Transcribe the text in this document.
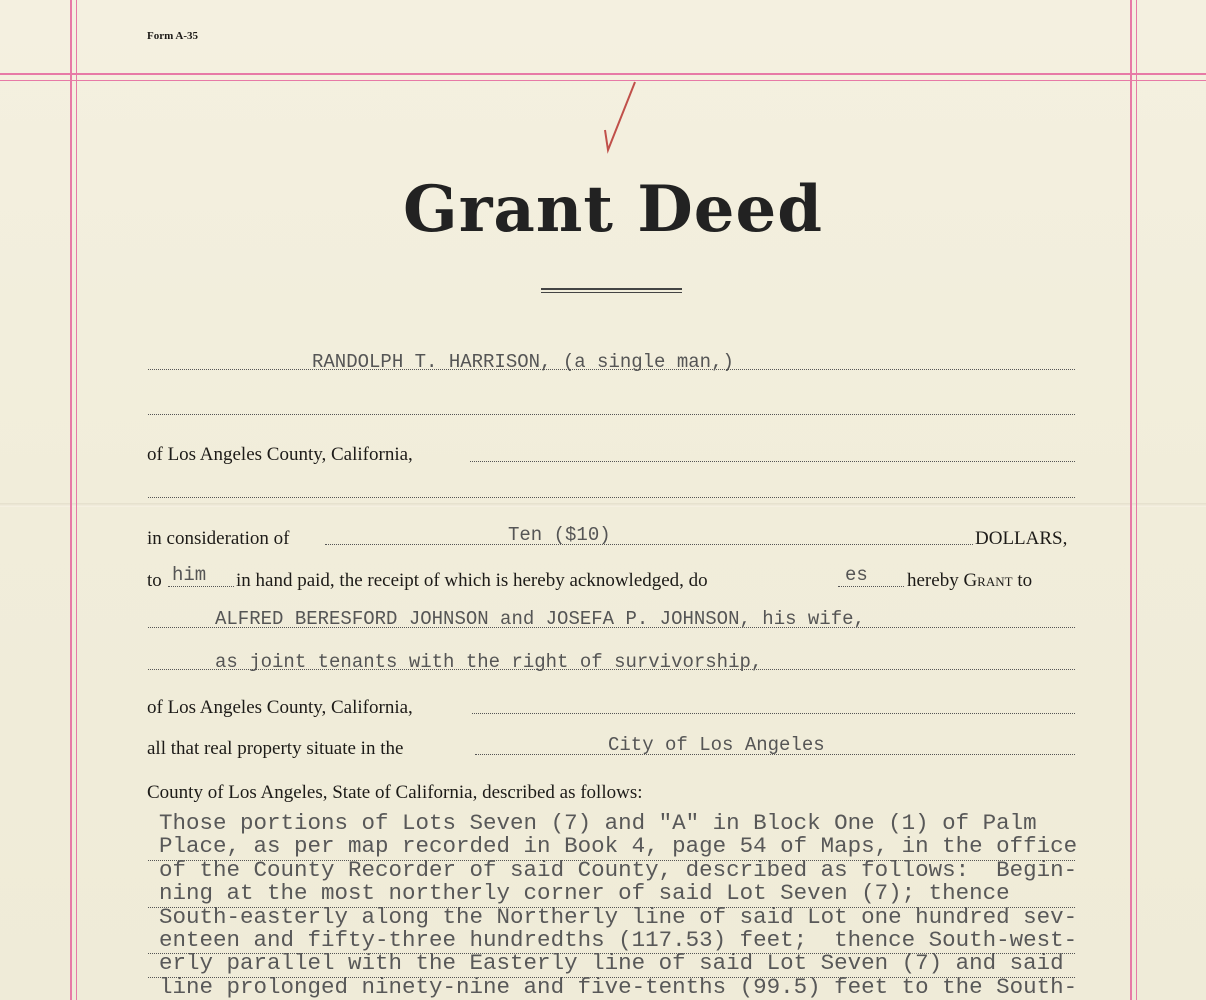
Form A-35
Grant Deed
RANDOLPH T. HARRISON, (a single man,)
of Los Angeles County, California,
in consideration of	Ten ($10)	DOLLARS,
to him in hand paid, the receipt of which is hereby acknowledged, do	es hereby Grant to
ALFRED BERESFORD JOHNSON and JOSEFA P. JOHNSON, his wife,
as joint tenants with the right of survivorship,
of Los Angeles County, California,
all that real property situate in the	City of Los Angeles
County of Los Angeles, State of California, described as follows:
Those portions of Lots Seven (7) and "A" in Block One (1) of Palm
Place, as per map recorded in Book 4, page 54 of Maps, in the office
of the County Recorder of said County, described as follows:  Begin-
ning at the most northerly corner of said Lot Seven (7); thence
South-easterly along the Northerly line of said Lot one hundred sev-
enteen and fifty-three hundredths (117.53) feet;  thence South-west-
erly parallel with the Easterly line of said Lot Seven (7) and said
line prolonged ninety-nine and five-tenths (99.5) feet to the South-
